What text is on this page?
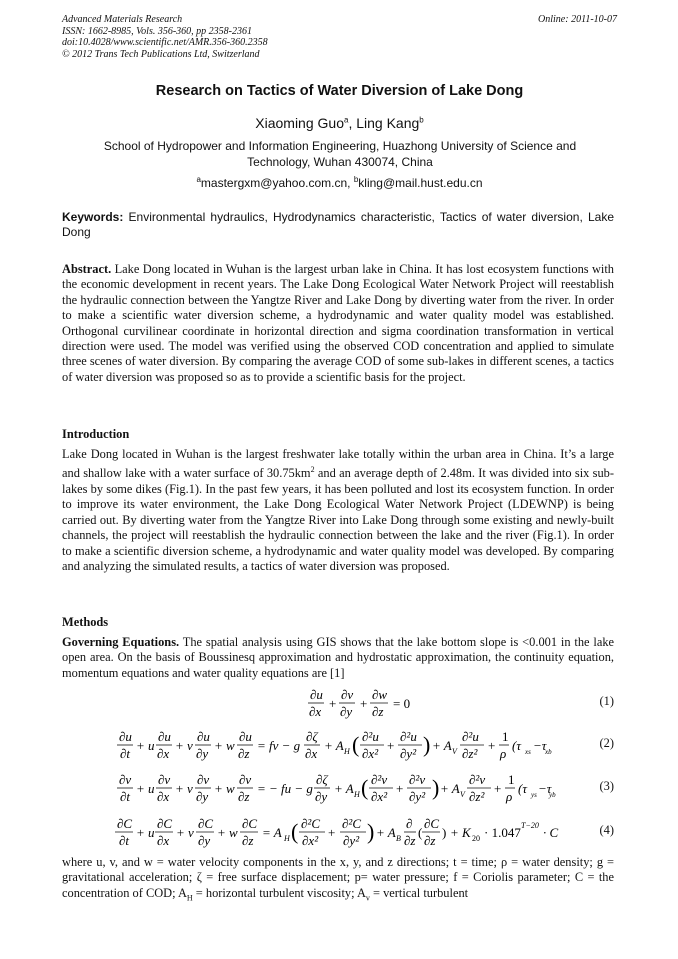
Advanced Materials Research
ISSN: 1662-8985, Vols. 356-360, pp 2358-2361
doi:10.4028/www.scientific.net/AMR.356-360.2358
© 2012 Trans Tech Publications Ltd, Switzerland
Online: 2011-10-07
Research on Tactics of Water Diversion of Lake Dong
Xiaoming Guo$^a$, Ling Kang$^b$
School of Hydropower and Information Engineering, Huazhong University of Science and
Technology, Wuhan 430074, China
$^a$mastergxm@yahoo.com.cn, $^b$kling@mail.hust.edu.cn
Keywords: Environmental hydraulics, Hydrodynamics characteristic, Tactics of water diversion, Lake Dong
Abstract. Lake Dong located in Wuhan is the largest urban lake in China. It has lost ecosystem functions with the economic development in recent years. The Lake Dong Ecological Water Network Project will reestablish the hydraulic connection between the Yangtze River and Lake Dong by diverting water from the river. In order to make a scientific water diversion scheme, a hydrodynamic and water quality model was established. Orthogonal curvilinear coordinate in horizontal direction and sigma coordination transformation in vertical direction were used. The model was verified using the observed COD concentration and applied to simulate three scenes of water diversion. By comparing the average COD of some sub-lakes in different scenes, a tactics of water diversion was proposed so as to provide a scientific basis for the project.
Introduction
Lake Dong located in Wuhan is the largest freshwater lake totally within the urban area in China. It’s a large and shallow lake with a water surface of $30.75km^2$ and an average depth of 2.48m. It was divided into six sub-lakes by some dikes (Fig.1). In the past few years, it has been polluted and lost its ecosystem function. In order to improve its water environment, the Lake Dong Ecological Water Network Project (LDEWNP) is being carried out. By diverting water from the Yangtze River into Lake Dong through some existing and newly-built channels, the project will reestablish the hydraulic connection between the lake and the river (Fig.1). In order to make a scientific diversion scheme, a hydrodynamic and water quality model was developed. By comparing and analyzing the simulated results, a tactics of water diversion was proposed.
Methods
Governing Equations. The spatial analysis using GIS shows that the lake bottom slope is <0.001 in the lake open area. On the basis of Boussinesq approximation and hydrostatic approximation, the continuity equation, momentum equations and water quality equations are [1]
∂u
∂x
+
∂v
∂y
+
∂w
∂z
= 0	(1)
∂u
∂t
+ u
∂u
∂x
+ v
∂u
∂y
+ w
∂u
∂z
= fv − g
∂ζ
∂x
+ A H ( ∂²u
∂x²
+
∂²u
∂y² ) + A V
∂²u
∂z²
+
1
ρ
(τ xs −τ
xb
(2)
∂v
∂t
+ u
∂v
∂x
+ v
∂v
∂y
+ w
∂v
∂z
= − fu − g
∂ζ
∂y
+ A H ( ∂²v
∂x²
+
∂²v
∂y² ) + A V
∂²v
∂z²
+
1
ρ
(τ ys −τ
yb
(3)
∂C
∂t
+ u
∂C
∂x
+ v
∂C
∂y
+ w
∂C
∂z
= A H ( ∂²C
∂x²
+
∂²C
∂y² ) + A B
∂
∂z
(
∂C
∂z
) + K 20 · 1.047 T−20 · C	(4)
where u, v, and w = water velocity components in the x, y, and z directions; t = time; ρ = water density; g = gravitational acceleration; ζ = free surface displacement; p= water pressure; f = Coriolis parameter; C = the concentration of COD; $A_H$ = horizontal turbulent viscosity; $A_v$ = vertical turbulent
